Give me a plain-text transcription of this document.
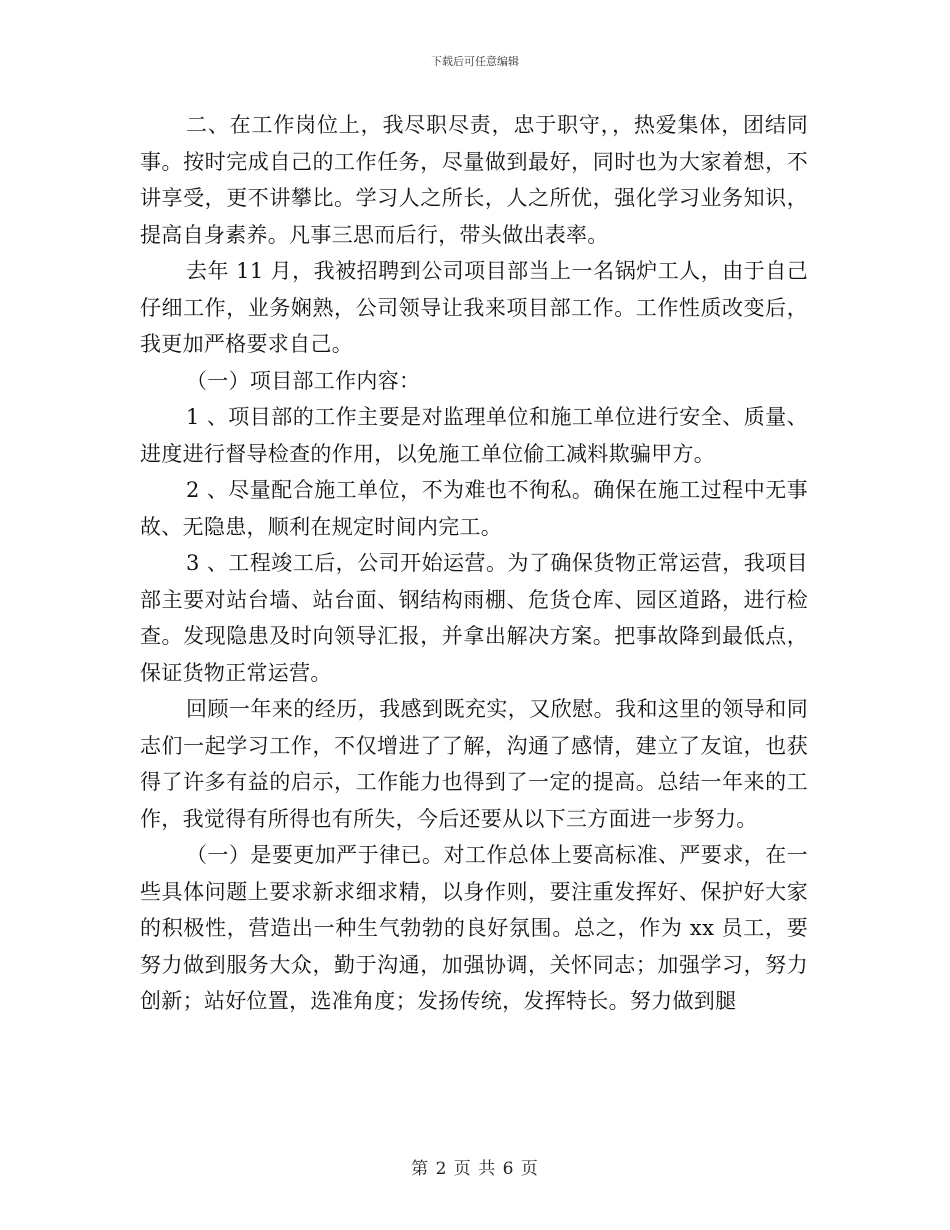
下载后可任意编辑

二、在工作岗位上，我尽职尽责，忠于职守，，热爱集体，团结同事。按时完成自己的工作任务，尽量做到最好，同时也为大家着想，不讲享受，更不讲攀比。学习人之所长，人之所优，强化学习业务知识，提高自身素养。凡事三思而后行，带头做出表率。

去年 11 月，我被招聘到公司项目部当上一名锅炉工人，由于自己仔细工作，业务娴熟，公司领导让我来项目部工作。工作性质改变后，我更加严格要求自己。

（一）项目部工作内容：

1 、项目部的工作主要是对监理单位和施工单位进行安全、质量、进度进行督导检查的作用，以免施工单位偷工减料欺骗甲方。

2 、尽量配合施工单位，不为难也不徇私。确保在施工过程中无事故、无隐患，顺利在规定时间内完工。

3 、工程竣工后，公司开始运营。为了确保货物正常运营，我项目部主要对站台墙、站台面、钢结构雨棚、危货仓库、园区道路，进行检查。发现隐患及时向领导汇报，并拿出解决方案。把事故降到最低点，保证货物正常运营。

回顾一年来的经历，我感到既充实，又欣慰。我和这里的领导和同志们一起学习工作，不仅增进了了解，沟通了感情，建立了友谊，也获得了许多有益的启示，工作能力也得到了一定的提高。总结一年来的工作，我觉得有所得也有所失，今后还要从以下三方面进一步努力。

（一）是要更加严于律已。对工作总体上要高标准、严要求，在一些具体问题上要求新求细求精，以身作则，要注重发挥好、保护好大家的积极性，营造出一种生气勃勃的良好氛围。总之，作为 xx 员工，要努力做到服务大众，勤于沟通，加强协调，关怀同志；加强学习，努力创新；站好位置，选准角度；发扬传统，发挥特长。努力做到腿

第 2 页 共 6 页
